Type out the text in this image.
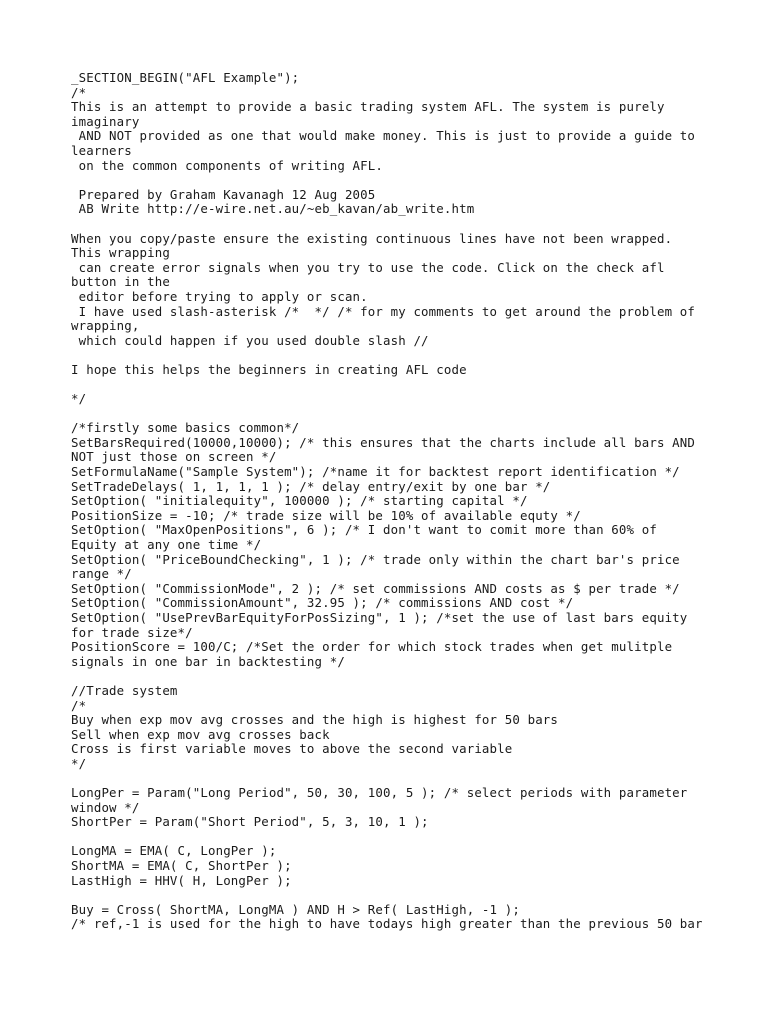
_SECTION_BEGIN("AFL Example");
/*
This is an attempt to provide a basic trading system AFL. The system is purely
imaginary
AND NOT provided as one that would make money. This is just to provide a guide to
learners
on the common components of writing AFL.
Prepared by Graham Kavanagh 12 Aug 2005
AB Write http://e-wire.net.au/~eb_kavan/ab_write.htm
When you copy/paste ensure the existing continuous lines have not been wrapped.
This wrapping
can create error signals when you try to use the code. Click on the check afl
button in the
editor before trying to apply or scan.
I have used slash-asterisk /*  */ /* for my comments to get around the problem of
wrapping,
which could happen if you used double slash //
I hope this helps the beginners in creating AFL code
*/
/*firstly some basics common*/
SetBarsRequired(10000,10000); /* this ensures that the charts include all bars AND
NOT just those on screen */
SetFormulaName("Sample System"); /*name it for backtest report identification */
SetTradeDelays( 1, 1, 1, 1 ); /* delay entry/exit by one bar */
SetOption( "initialequity", 100000 ); /* starting capital */
PositionSize = -10; /* trade size will be 10% of available equty */
SetOption( "MaxOpenPositions", 6 ); /* I don't want to comit more than 60% of
Equity at any one time */
SetOption( "PriceBoundChecking", 1 ); /* trade only within the chart bar's price
range */
SetOption( "CommissionMode", 2 ); /* set commissions AND costs as $ per trade */
SetOption( "CommissionAmount", 32.95 ); /* commissions AND cost */
SetOption( "UsePrevBarEquityForPosSizing", 1 ); /*set the use of last bars equity
for trade size*/
PositionScore = 100/C; /*Set the order for which stock trades when get mulitple
signals in one bar in backtesting */
//Trade system
/*
Buy when exp mov avg crosses and the high is highest for 50 bars
Sell when exp mov avg crosses back
Cross is first variable moves to above the second variable
*/
LongPer = Param("Long Period", 50, 30, 100, 5 ); /* select periods with parameter
window */
ShortPer = Param("Short Period", 5, 3, 10, 1 );
LongMA = EMA( C, LongPer );
ShortMA = EMA( C, ShortPer );
LastHigh = HHV( H, LongPer );
Buy = Cross( ShortMA, LongMA ) AND H > Ref( LastHigh, -1 );
/* ref,-1 is used for the high to have todays high greater than the previous 50 bar
